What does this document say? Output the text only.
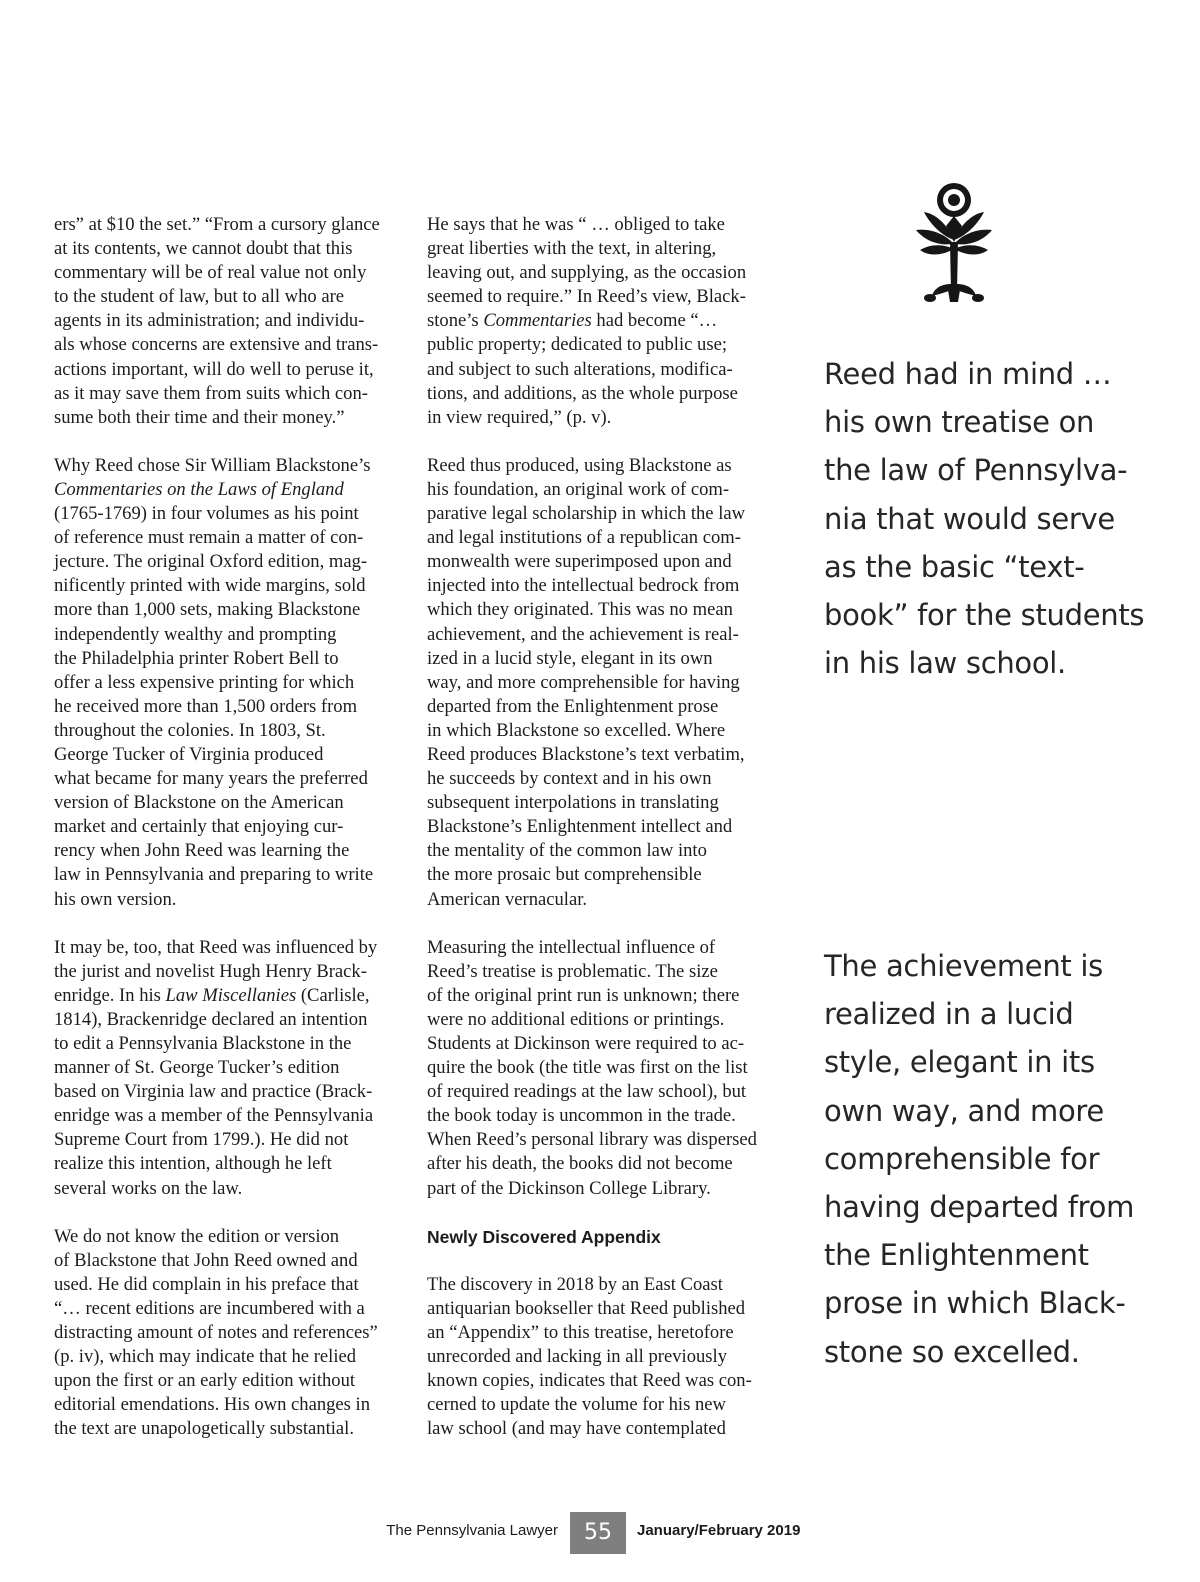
ers” at $10 the set.” “From a cursory glance
at its contents, we cannot doubt that this
commentary will be of real value not only
to the student of law, but to all who are
agents in its administration; and individu-
als whose concerns are extensive and trans-
actions important, will do well to peruse it,
as it may save them from suits which con-
sume both their time and their money.”
Why Reed chose Sir William Blackstone’s
Commentaries on the Laws of England
(1765-1769) in four volumes as his point
of reference must remain a matter of con-
jecture. The original Oxford edition, mag-
nificently printed with wide margins, sold
more than 1,000 sets, making Blackstone
independently wealthy and prompting
the Philadelphia printer Robert Bell to
offer a less expensive printing for which
he received more than 1,500 orders from
throughout the colonies. In 1803, St.
George Tucker of Virginia produced
what became for many years the preferred
version of Blackstone on the American
market and certainly that enjoying cur-
rency when John Reed was learning the
law in Pennsylvania and preparing to write
his own version.
It may be, too, that Reed was influenced by
the jurist and novelist Hugh Henry Brack-
enridge. In his Law Miscellanies (Carlisle,
1814), Brackenridge declared an intention
to edit a Pennsylvania Blackstone in the
manner of St. George Tucker’s edition
based on Virginia law and practice (Brack-
enridge was a member of the Pennsylvania
Supreme Court from 1799.). He did not
realize this intention, although he left
several works on the law.
We do not know the edition or version
of Blackstone that John Reed owned and
used. He did complain in his preface that
“… recent editions are incumbered with a
distracting amount of notes and references”
(p. iv), which may indicate that he relied
upon the first or an early edition without
editorial emendations. His own changes in
the text are unapologetically substantial.
He says that he was “ … obliged to take
great liberties with the text, in altering,
leaving out, and supplying, as the occasion
seemed to require.” In Reed’s view, Black-
stone’s Commentaries had become “…
public property; dedicated to public use;
and subject to such alterations, modifica-
tions, and additions, as the whole purpose
in view required,” (p. v).
Reed thus produced, using Blackstone as
his foundation, an original work of com-
parative legal scholarship in which the law
and legal institutions of a republican com-
monwealth were superimposed upon and
injected into the intellectual bedrock from
which they originated. This was no mean
achievement, and the achievement is real-
ized in a lucid style, elegant in its own
way, and more comprehensible for having
departed from the Enlightenment prose
in which Blackstone so excelled. Where
Reed produces Blackstone’s text verbatim,
he succeeds by context and in his own
subsequent interpolations in translating
Blackstone’s Enlightenment intellect and
the mentality of the common law into
the more prosaic but comprehensible
American vernacular.
Measuring the intellectual influence of
Reed’s treatise is problematic. The size
of the original print run is unknown; there
were no additional editions or printings.
Students at Dickinson were required to ac-
quire the book (the title was first on the list
of required readings at the law school), but
the book today is uncommon in the trade.
When Reed’s personal library was dispersed
after his death, the books did not become
part of the Dickinson College Library.
Newly Discovered Appendix
The discovery in 2018 by an East Coast
antiquarian bookseller that Reed published
an “Appendix” to this treatise, heretofore
unrecorded and lacking in all previously
known copies, indicates that Reed was con-
cerned to update the volume for his new
law school (and may have contemplated
Reed had in mind …
his own treatise on
the law of Pennsylva-
nia that would serve
as the basic “text-
book” for the students
in his law school.
The achievement is
realized in a lucid
style, elegant in its
own way, and more
comprehensible for
having departed from
the Enlightenment
prose in which Black-
stone so excelled.
The Pennsylvania Lawyer	55	January/February 2019
